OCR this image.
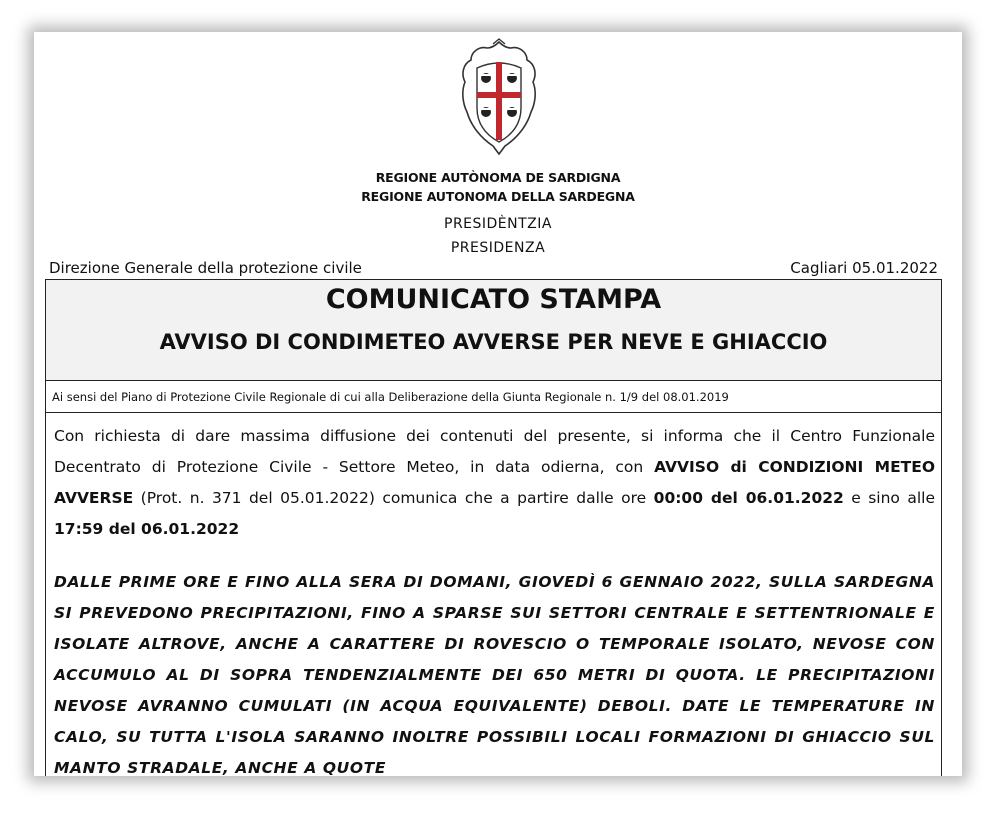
REGIONE AUTÒNOMA DE SARDIGNA
REGIONE AUTONOMA DELLA SARDEGNA
PRESIDÈNTZIA
PRESIDENZA
Direzione Generale della protezione civile	Cagliari 05.01.2022
COMUNICATO STAMPA
AVVISO DI CONDIMETEO AVVERSE PER NEVE E GHIACCIO
Ai sensi del Piano di Protezione Civile Regionale di cui alla Deliberazione della Giunta Regionale n. 1/9 del 08.01.2019

Con richiesta di dare massima diffusione dei contenuti del presente, si informa che il Centro Funzionale Decentrato di Protezione Civile - Settore Meteo, in data odierna, con AVVISO di CONDIZIONI METEO AVVERSE (Prot. n. 371 del 05.01.2022) comunica che a partire dalle ore 00:00 del 06.01.2022 e sino alle 17:59 del 06.01.2022

DALLE PRIME ORE E FINO ALLA SERA DI DOMANI, GIOVEDÌ 6 GENNAIO 2022, SULLA SARDEGNA SI PREVEDONO PRECIPITAZIONI, FINO A SPARSE SUI SETTORI CENTRALE E SETTENTRIONALE E ISOLATE ALTROVE, ANCHE A CARATTERE DI ROVESCIO O TEMPORALE ISOLATO, NEVOSE CON ACCUMULO AL DI SOPRA TENDENZIALMENTE DEI 650 METRI DI QUOTA. LE PRECIPITAZIONI NEVOSE AVRANNO CUMULATI (IN ACQUA EQUIVALENTE) DEBOLI. DATE LE TEMPERATURE IN CALO, SU TUTTA L'ISOLA SARANNO INOLTRE POSSIBILI LOCALI FORMAZIONI DI GHIACCIO SUL MANTO STRADALE, ANCHE A QUOTE
